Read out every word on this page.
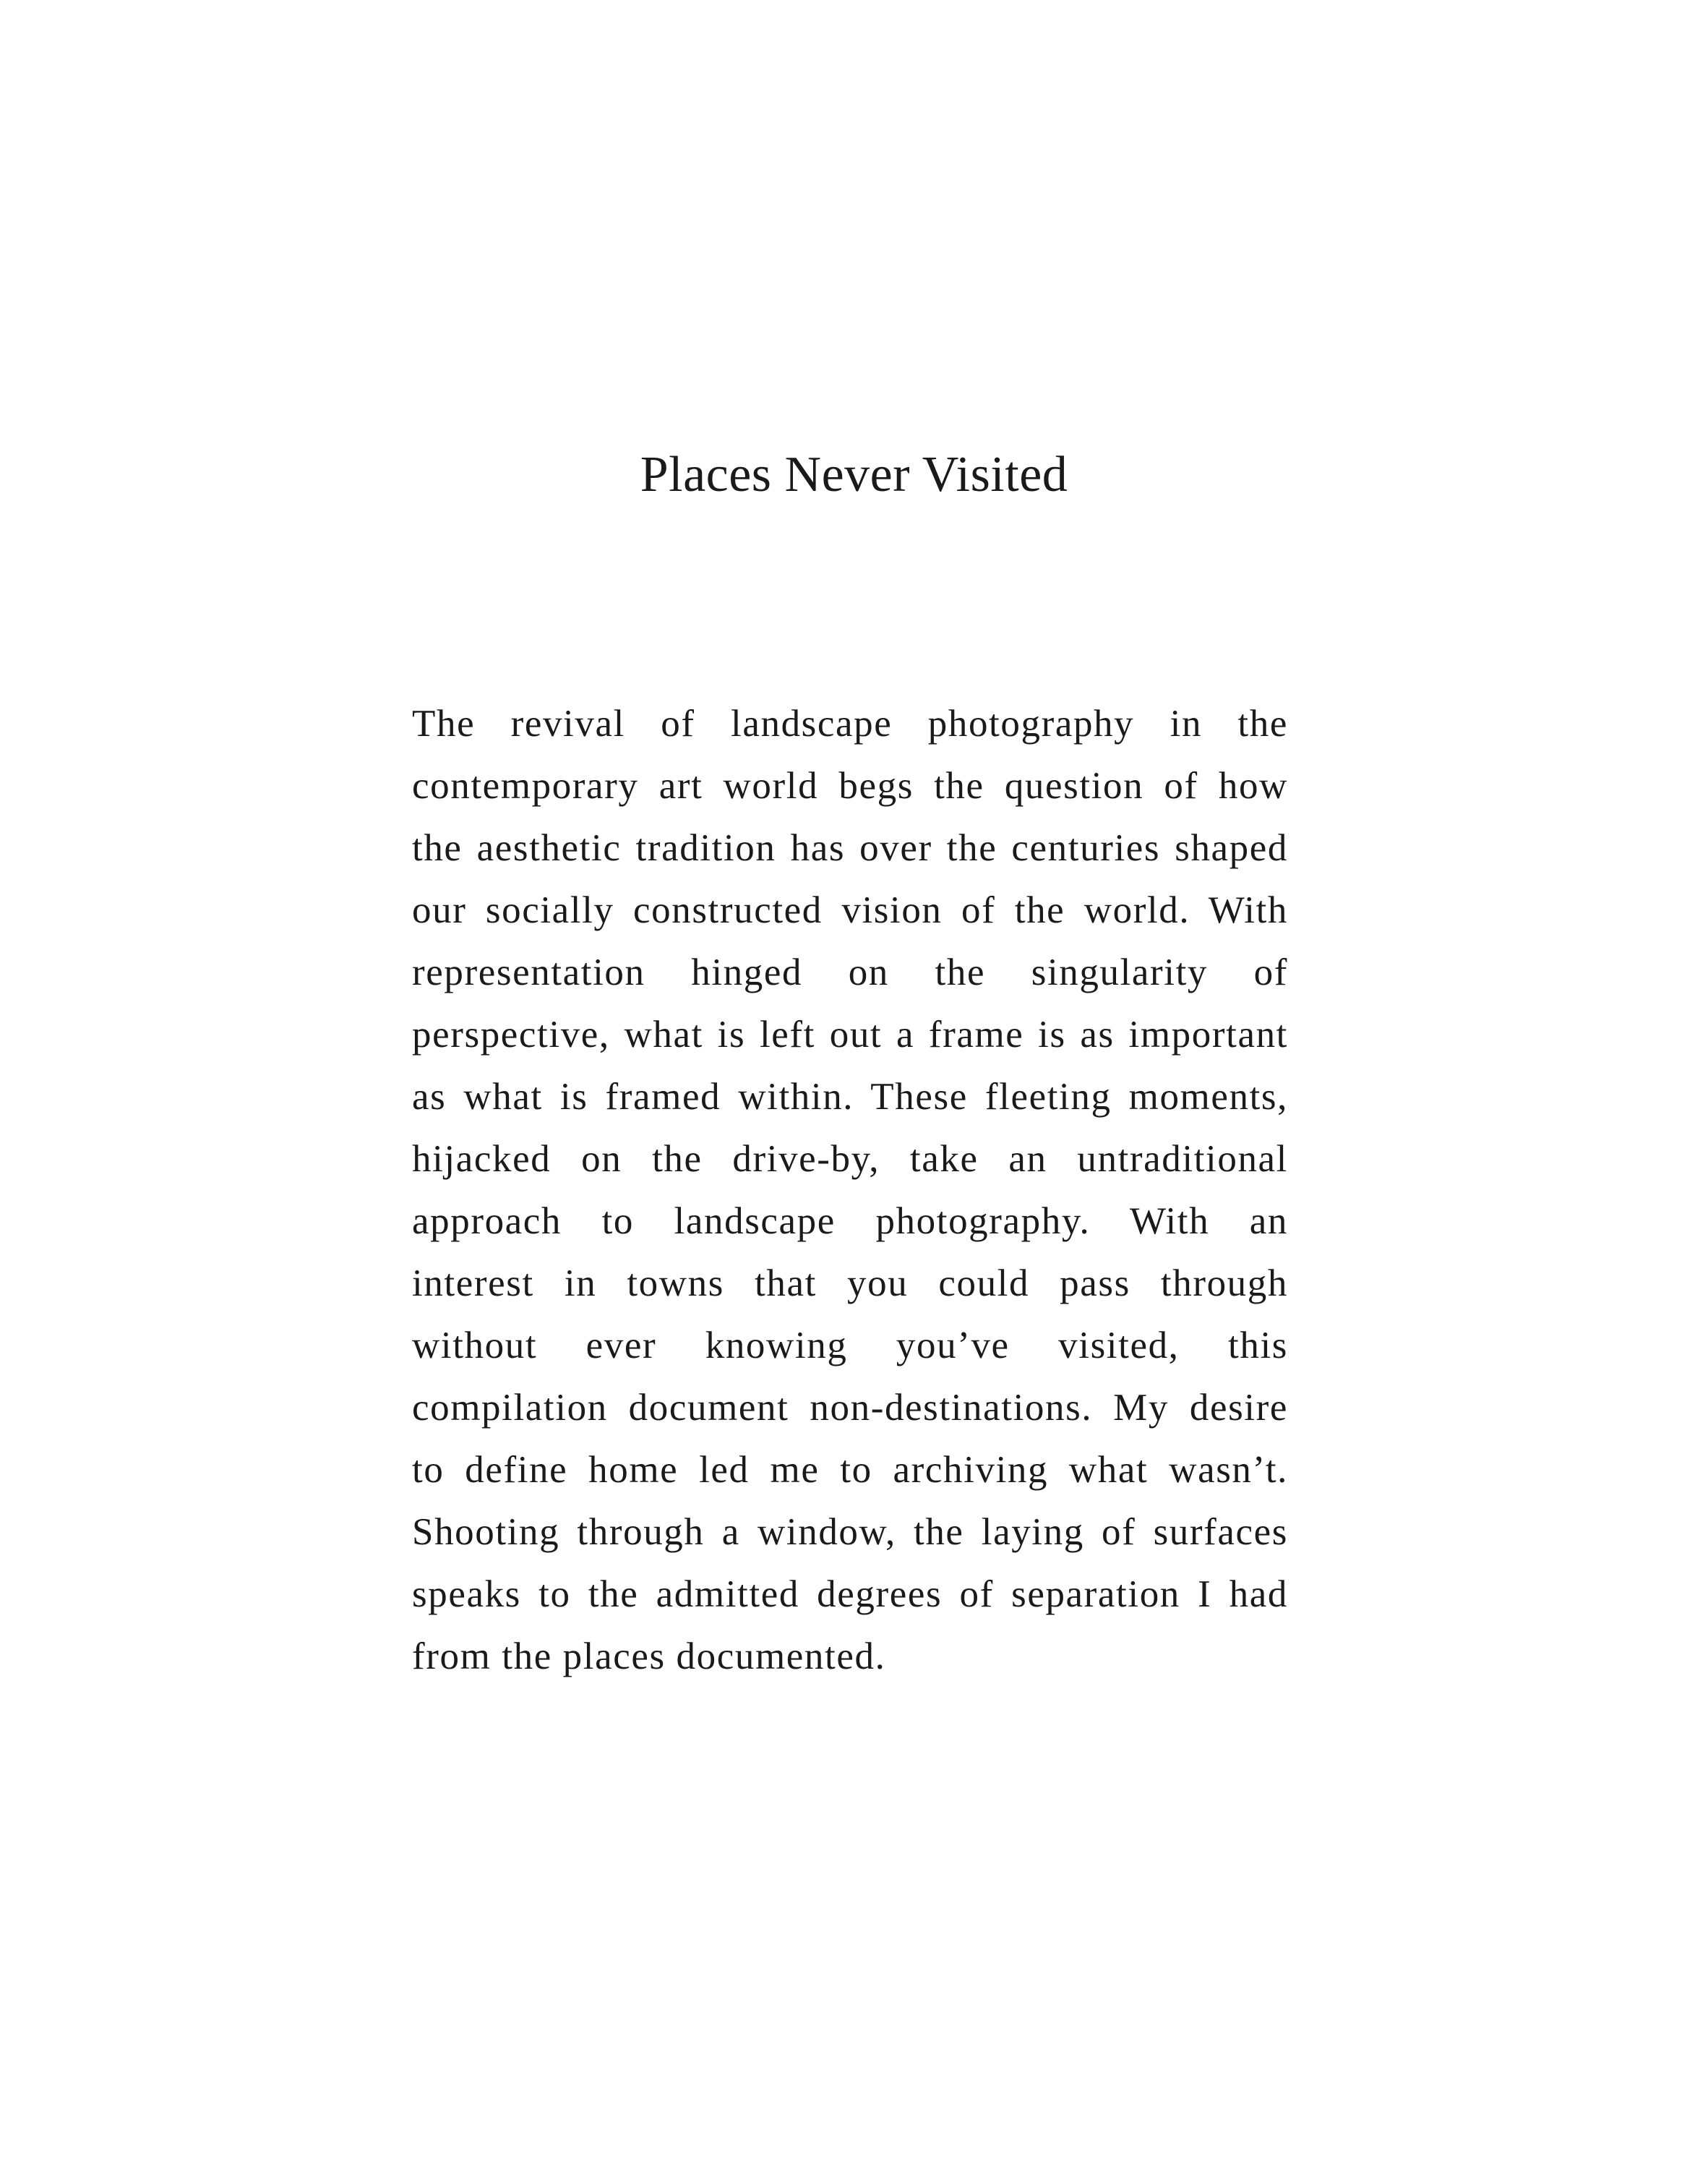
Places Never Visited
The revival of landscape photography in the
contemporary art world begs the question of how
the aesthetic tradition has over the centuries shaped
our socially constructed vision of the world. With
representation hinged on the singularity of
perspective, what is left out a frame is as important
as what is framed within. These fleeting moments,
hijacked on the drive-by, take an untraditional
approach to landscape photography. With an
interest in towns that you could pass through
without ever knowing you’ve visited, this
compilation document non-destinations. My desire
to define home led me to archiving what wasn’t.
Shooting through a window, the laying of surfaces
speaks to the admitted degrees of separation I had
from the places documented.
